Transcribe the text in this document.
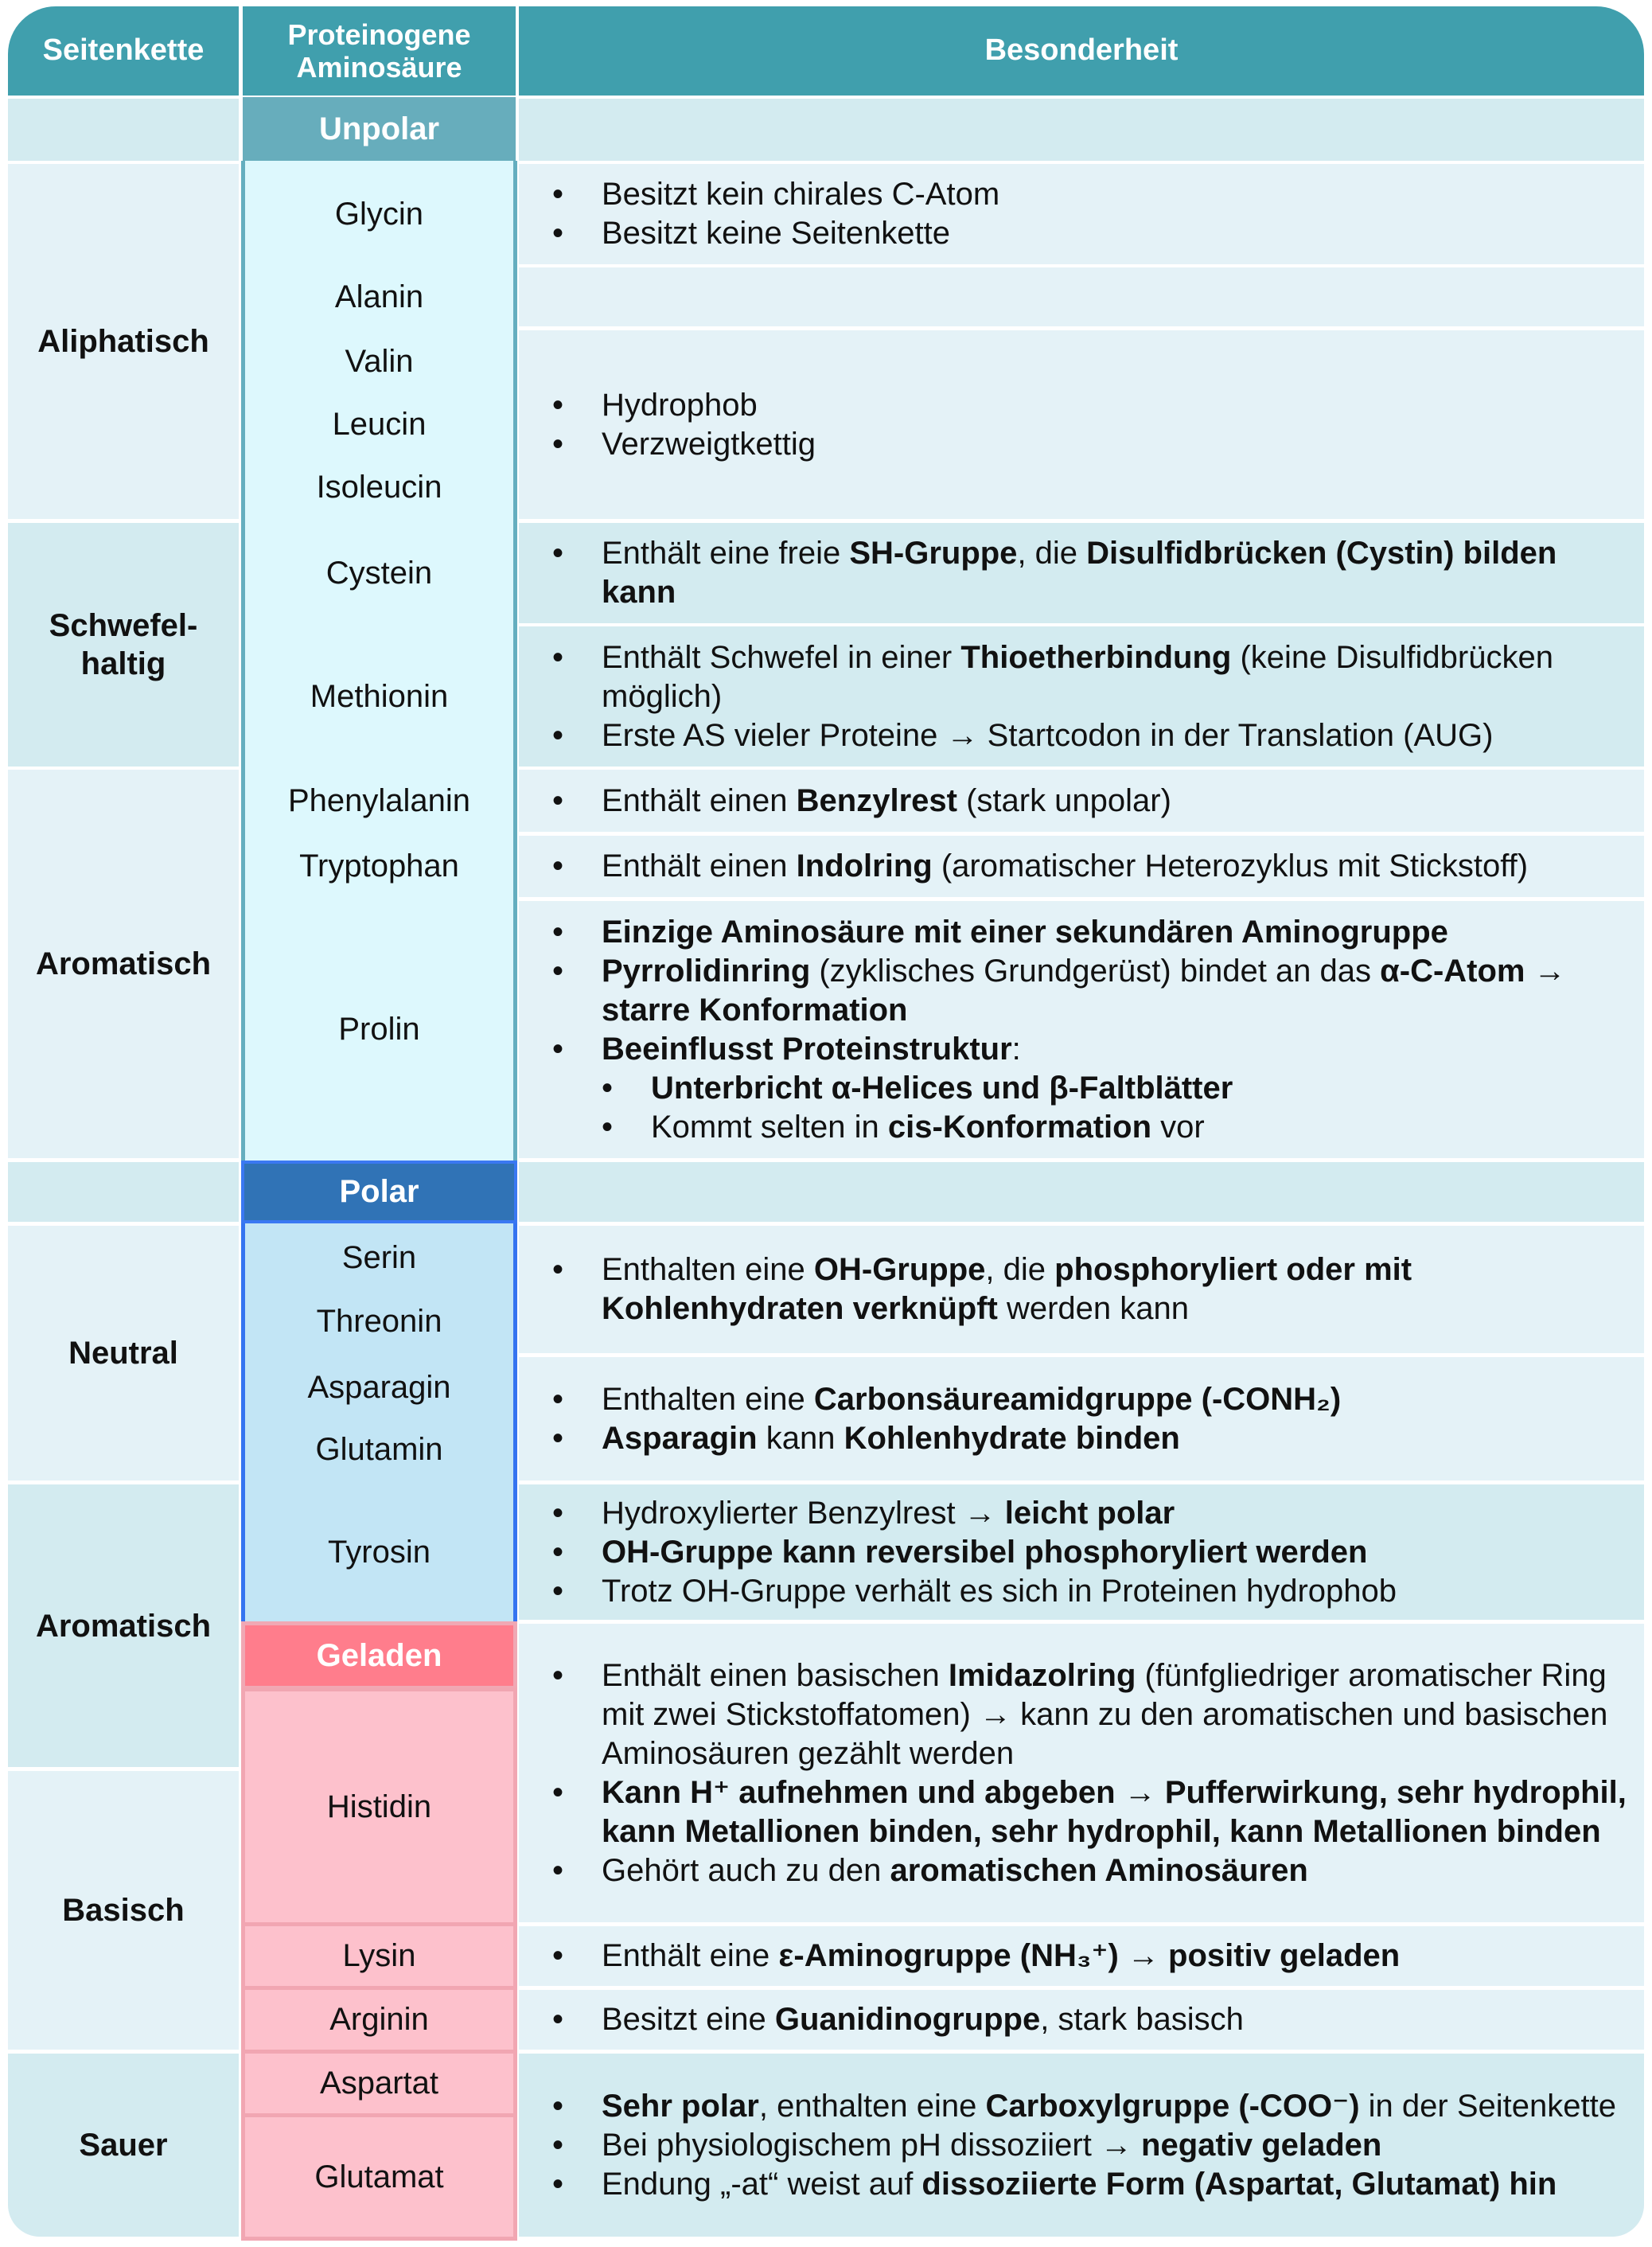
Seitenkette	Proteinogene Aminosäure
Besonderheit
Unpolar
Aliphatisch
Schwefel-
haltig
Aromatisch
Glycin
Alanin
Valin
Leucin
Isoleucin
Cystein
Methionin
Phenylalanin
Tryptophan
Prolin
• Besitzt kein chirales C-Atom
• Besitzt keine Seitenkette
• Hydrophob
• Verzweigtkettig
• Enthält eine freie SH-Gruppe, die Disulfidbrücken (Cystin) bilden kann
• Enthält Schwefel in einer Thioetherbindung (keine Disulfidbrücken möglich)
• Erste AS vieler Proteine → Startcodon in der Translation (AUG)
• Enthält einen Benzylrest (stark unpolar)
• Enthält einen Indolring (aromatischer Heterozyklus mit Stickstoff)
• Einzige Aminosäure mit einer sekundären Aminogruppe
• Pyrrolidinring (zyklisches Grundgerüst) bindet an das α-C-Atom → starre Konformation
• Beeinflusst Proteinstruktur:
• Unterbricht α-Helices und β-Faltblätter
• Kommt selten in cis-Konformation vor
Polar
Neutral
Aromatisch
Serin
Threonin
Asparagin
Glutamin
Tyrosin
• Enthalten eine OH-Gruppe, die phosphoryliert oder mit Kohlenhydraten verknüpft werden kann
• Enthalten eine Carbonsäureamidgruppe (-CONH₂)
• Asparagin kann Kohlenhydrate binden
• Hydroxylierter Benzylrest → leicht polar
• OH-Gruppe kann reversibel phosphoryliert werden
• Trotz OH-Gruppe verhält es sich in Proteinen hydrophob
Geladen
Basisch
Sauer
Histidin
Lysin
Arginin
Aspartat
Glutamat
• Enthält einen basischen Imidazolring (fünfgliedriger aromatischer Ring mit zwei Stickstoffatomen) → kann zu den aromatischen und basischen Aminosäuren gezählt werden
• Kann H⁺ aufnehmen und abgeben → Pufferwirkung, sehr hydrophil, kann Metallionen binden, sehr hydrophil, kann Metallionen binden
• Gehört auch zu den aromatischen Aminosäuren
• Enthält eine ε-Aminogruppe (NH₃⁺) → positiv geladen
• Besitzt eine Guanidinogruppe, stark basisch
• Sehr polar, enthalten eine Carboxylgruppe (-COO⁻) in der Seitenkette
• Bei physiologischem pH dissoziiert → negativ geladen
• Endung „-at“ weist auf dissoziierte Form (Aspartat, Glutamat) hin
